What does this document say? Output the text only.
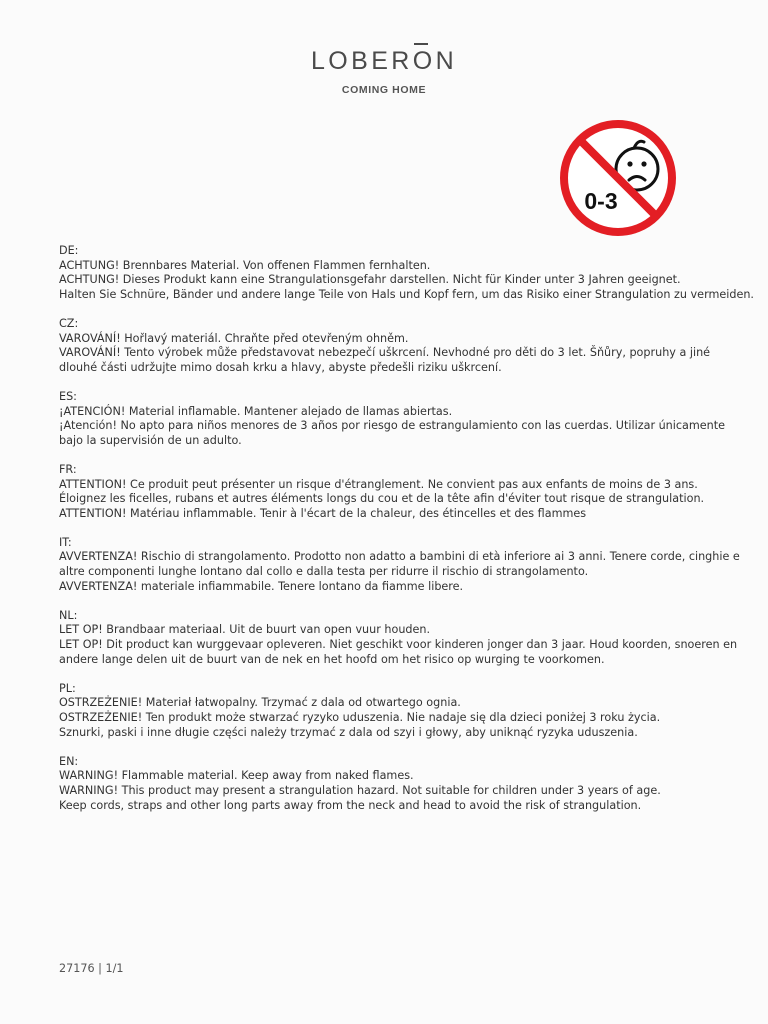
LOBERON
COMING HOME
0-3
DE:
ACHTUNG! Brennbares Material. Von offenen Flammen fernhalten.
ACHTUNG! Dieses Produkt kann eine Strangulationsgefahr darstellen. Nicht für Kinder unter 3 Jahren geeignet.
Halten Sie Schnüre, Bänder und andere lange Teile von Hals und Kopf fern, um das Risiko einer Strangulation zu vermeiden.
CZ:
VAROVÁNÍ! Hořlavý materiál. Chraňte před otevřeným ohněm.
VAROVÁNÍ! Tento výrobek může představovat nebezpečí uškrcení. Nevhodné pro děti do 3 let. Šňůry, popruhy a jiné
dlouhé části udržujte mimo dosah krku a hlavy, abyste předešli riziku uškrcení.
ES:
¡ATENCIÓN! Material inflamable. Mantener alejado de llamas abiertas.
¡Atención! No apto para niños menores de 3 años por riesgo de estrangulamiento con las cuerdas. Utilizar únicamente
bajo la supervisión de un adulto.
FR:
ATTENTION! Ce produit peut présenter un risque d'étranglement. Ne convient pas aux enfants de moins de 3 ans.
Éloignez les ficelles, rubans et autres éléments longs du cou et de la tête afin d'éviter tout risque de strangulation.
ATTENTION! Matériau inflammable. Tenir à l'écart de la chaleur, des étincelles et des flammes
IT:
AVVERTENZA! Rischio di strangolamento. Prodotto non adatto a bambini di età inferiore ai 3 anni. Tenere corde, cinghie e
altre componenti lunghe lontano dal collo e dalla testa per ridurre il rischio di strangolamento.
AVVERTENZA! materiale infiammabile. Tenere lontano da fiamme libere.
NL:
LET OP! Brandbaar materiaal. Uit de buurt van open vuur houden.
LET OP! Dit product kan wurggevaar opleveren. Niet geschikt voor kinderen jonger dan 3 jaar. Houd koorden, snoeren en
andere lange delen uit de buurt van de nek en het hoofd om het risico op wurging te voorkomen.
PL:
OSTRZEŻENIE! Materiał łatwopalny. Trzymać z dala od otwartego ognia.
OSTRZEŻENIE! Ten produkt może stwarzać ryzyko uduszenia. Nie nadaje się dla dzieci poniżej 3 roku życia.
Sznurki, paski i inne długie części należy trzymać z dala od szyi i głowy, aby uniknąć ryzyka uduszenia.
EN:
WARNING! Flammable material. Keep away from naked flames.
WARNING! This product may present a strangulation hazard. Not suitable for children under 3 years of age.
Keep cords, straps and other long parts away from the neck and head to avoid the risk of strangulation.
27176 | 1/1
